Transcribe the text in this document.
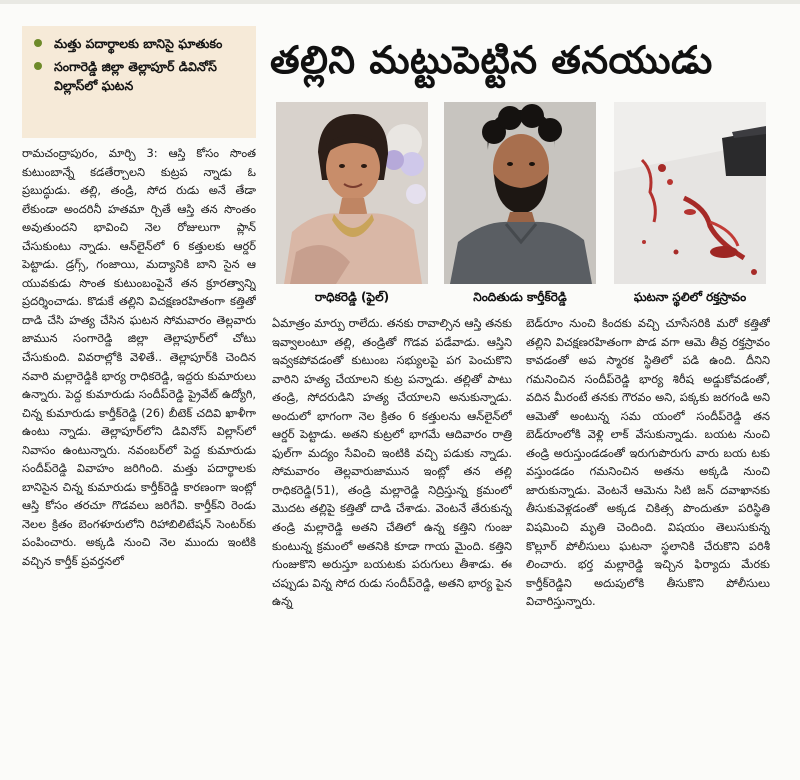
మత్తు పదార్థాలకు బానిసై ఘాతుకం
సంగారెడ్డి జిల్లా తెల్లాపూర్ డివినోస్ విల్లాస్‌లో ఘటన
తల్లిని మట్టుపెట్టిన తనయుడు
రాధికరెడ్డి (ఫైల్)	నిందితుడు కార్తీక్‌రెడ్డి	ఘటనా స్థలిలో రక్తస్రావం

రామచంద్రాపురం, మార్చి 3: ఆస్తి కోసం సొంత కుటుంబాన్నే కడతేర్చాలని కుట్రప న్నాడు ఓ ప్రబుద్ధుడు. తల్లి, తండ్రి, సోద రుడు అనే తేడా లేకుండా అందరినీ హతమా ర్చితే ఆస్తి తన సొంతం అవుతుందని భావించి నెల రోజులుగా ప్లాన్ చేసుకుంటు న్నాడు. ఆన్‌లైన్‌లో 6 కత్తులకు ఆర్డర్ పెట్టాడు. డ్రగ్స్, గంజాయి, మద్యానికి బాని సైన ఆ యువకుడు సొంత కుటుంబంపైనే తన క్రూరత్వాన్ని ప్రదర్శించాడు. కొడుకే తల్లిని విచక్షణరహితంగా కత్తితో దాడి చేసి హత్య చేసిన ఘటన సోమవారం తెల్లవారు జామున సంగారెడ్డి జిల్లా తెల్లాపూర్‌లో చోటు చేసుకుంది. వివరాల్లోకి వెళితే.. తెల్లాపూర్‌కి చెందిన నవారి మల్లారెడ్డికి భార్య రాధికరెడ్డి, ఇద్దరు కుమారులు ఉన్నారు. పెద్ద కుమారుడు సందీప్‌రెడ్డి ప్రైవేట్ ఉద్యోగి, చిన్న కుమారుడు కార్తీక్‌రెడ్డి (26) బీటెక్ చదివి ఖాళీగా ఉంటు న్నాడు. తెల్లాపూర్‌లోని డివినోస్ విల్లాస్‌లో నివాసం ఉంటున్నారు. నవంబర్‌లో పెద్ద కుమారుడు సందీప్‌రెడ్డి వివాహం జరిగింది. మత్తు పదార్థాలకు బానిసైన చిన్న కుమారుడు కార్తీక్‌రెడ్డి కారణంగా ఇంట్లో ఆస్తి కోసం తరచూ గొడవలు జరిగేవి. కార్తీక్‌ని రెండు నెలల క్రితం బెంగళూరులోని రిహాబిలిటేషన్ సెంటర్‌కు పంపించారు. అక్కడి నుంచి నెల ముందు ఇంటికి వచ్చిన కార్తీక్ ప్రవర్తనలో

ఏమాత్రం మార్పు రాలేదు. తనకు రావాల్సిన ఆస్తి తనకు ఇవ్వాలంటూ తల్లి, తండ్రితో గొడవ పడేవాడు. ఆస్తిని ఇవ్వకపోవడంతో కుటుంబ సభ్యులపై పగ పెంచుకొని వారిని హత్య చేయాలని కుట్ర పన్నాడు. తల్లితో పాటు తండ్రి, సోదరుడిని హత్య చేయాలని అనుకున్నాడు. అందులో భాగంగా నెల క్రితం 6 కత్తులను ఆన్‌లైన్‌లో ఆర్డర్ పెట్టాడు. అతని కుట్రలో భాగమే ఆదివారం రాత్రి ఫుల్‌గా మద్యం సేవించి ఇంటికి వచ్చి పడుకు న్నాడు. సోమవారం తెల్లవారుజామున ఇంట్లో తన తల్లి రాధికరెడ్డి(51), తండ్రి మల్లారెడ్డి నిద్రిస్తున్న క్రమంలో మొదట తల్లిపై కత్తితో దాడి చేశాడు. వెంటనే తేరుకున్న తండ్రి మల్లారెడ్డి అతని చేతిలో ఉన్న కత్తిని గుంజు కుంటున్న క్రమంలో అతనికి కూడా గాయ మైంది. కత్తిని గుంజుకొని అరుస్తూ బయటకు పరుగులు తీశాడు. ఈ చప్పుడు విన్న సోద రుడు సందీప్‌రెడ్డి, అతని భార్య పైన ఉన్న

బెడ్‌రూం నుంచి కిందకు వచ్చి చూసేసరికి మరో కత్తితో తల్లిని విచక్షణరహితంగా పొడ వగా ఆమె తీవ్ర రక్తస్రావం కావడంతో అప స్మారక స్థితిలో పడి ఉంది. దీనిని గమనించిన సందీప్‌రెడ్డి భార్య శిరీష అడ్డుకోవడంతో, వదిన మీరంటే తనకు గౌరవం అని, పక్కకు జరగండి అని ఆమెతో అంటున్న సమ యంలో సందీప్‌రెడ్డి తన బెడ్‌రూంలోకి వెళ్లి లాక్ వేసుకున్నాడు. బయట నుంచి తండ్రి అరుస్తుండడంతో ఇరుగుపొరుగు వారు బయ టకు వస్తుండడం గమనించిన అతను అక్కడి నుంచి జారుకున్నాడు. వెంటనే ఆమెను సిటి జన్ దవాఖానకు తీసుకువెళ్లడంతో అక్కడ చికిత్స పొందుతూ పరిస్థితి విషమించి మృతి చెందింది. విషయం తెలుసుకున్న కొల్లూర్ పోలీసులు ఘటనా స్థలానికి చేరుకొని పరిశీ లించారు. భర్త మల్లారెడ్డి ఇచ్చిన ఫిర్యాదు మేరకు కార్తీక్‌రెడ్డిని అదుపులోకి తీసుకొని పోలీసులు విచారిస్తున్నారు.
